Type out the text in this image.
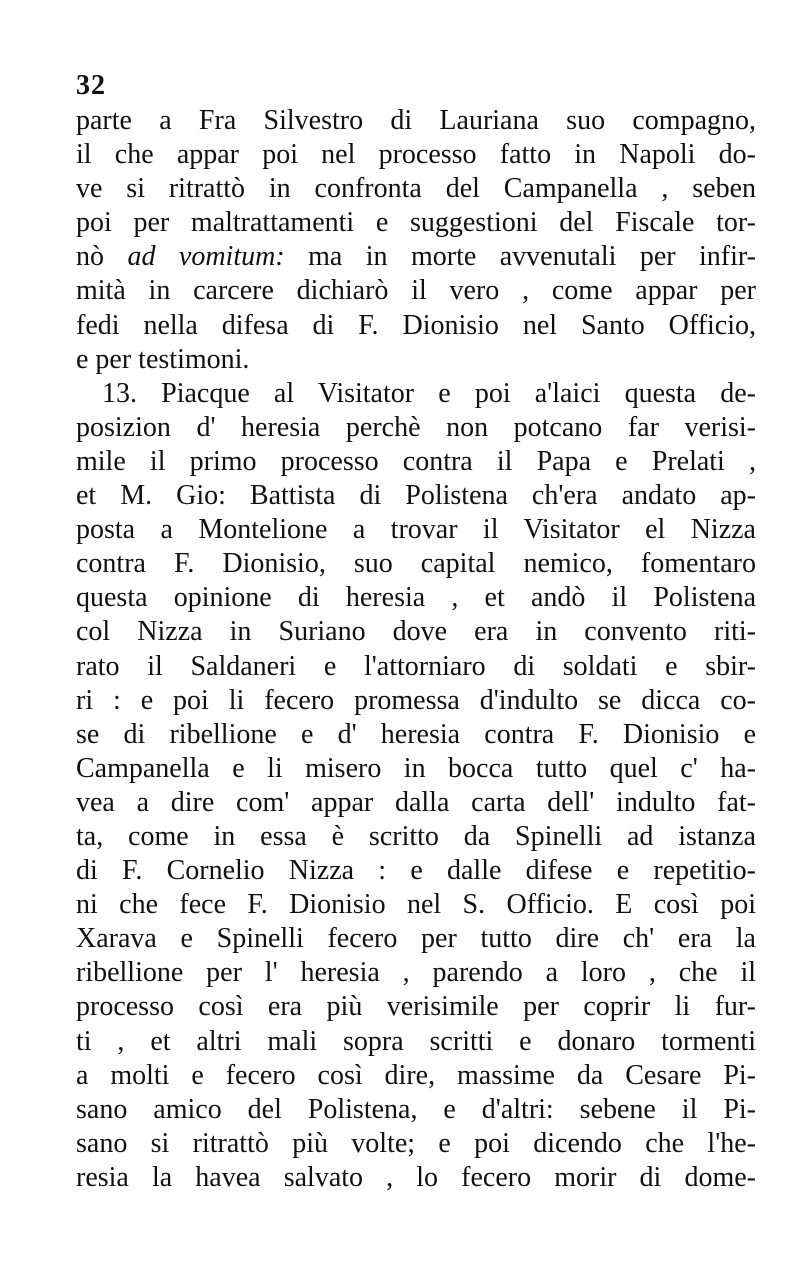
32
parte a Fra Silvestro di Lauriana suo compagno,
il che appar poi nel processo fatto in Napoli do-
ve si ritrattò in confronta del Campanella , seben
poi per maltrattamenti e suggestioni del Fiscale tor-
nò ad vomitum: ma in morte avvenutali per infir-
mità in carcere dichiarò il vero , come appar per
fedi nella difesa di F. Dionisio nel Santo Officio,
e per testimoni.
13. Piacque al Visitator e poi a'laici questa de-
posizion d' heresia perchè non potcano far verisi-
mile il primo processo contra il Papa e Prelati ,
et M. Gio: Battista di Polistena ch'era andato ap-
posta a Montelione a trovar il Visitator el Nizza
contra F. Dionisio, suo capital nemico, fomentaro
questa opinione di heresia , et andò il Polistena
col Nizza in Suriano dove era in convento riti-
rato il Saldaneri e l'attorniaro di soldati e sbir-
ri : e poi li fecero promessa d'indulto se dicca co-
se di ribellione e d' heresia contra F. Dionisio e
Campanella e li misero in bocca tutto quel c' ha-
vea a dire com' appar dalla carta dell' indulto fat-
ta, come in essa è scritto da Spinelli ad istanza
di F. Cornelio Nizza : e dalle difese e repetitio-
ni che fece F. Dionisio nel S. Officio. E così poi
Xarava e Spinelli fecero per tutto dire ch' era la
ribellione per l' heresia , parendo a loro , che il
processo così era più verisimile per coprir li fur-
ti , et altri mali sopra scritti e donaro tormenti
a molti e fecero così dire, massime da Cesare Pi-
sano amico del Polistena, e d'altri: sebene il Pi-
sano si ritrattò più volte; e poi dicendo che l'he-
resia la havea salvato , lo fecero morir di dome-
